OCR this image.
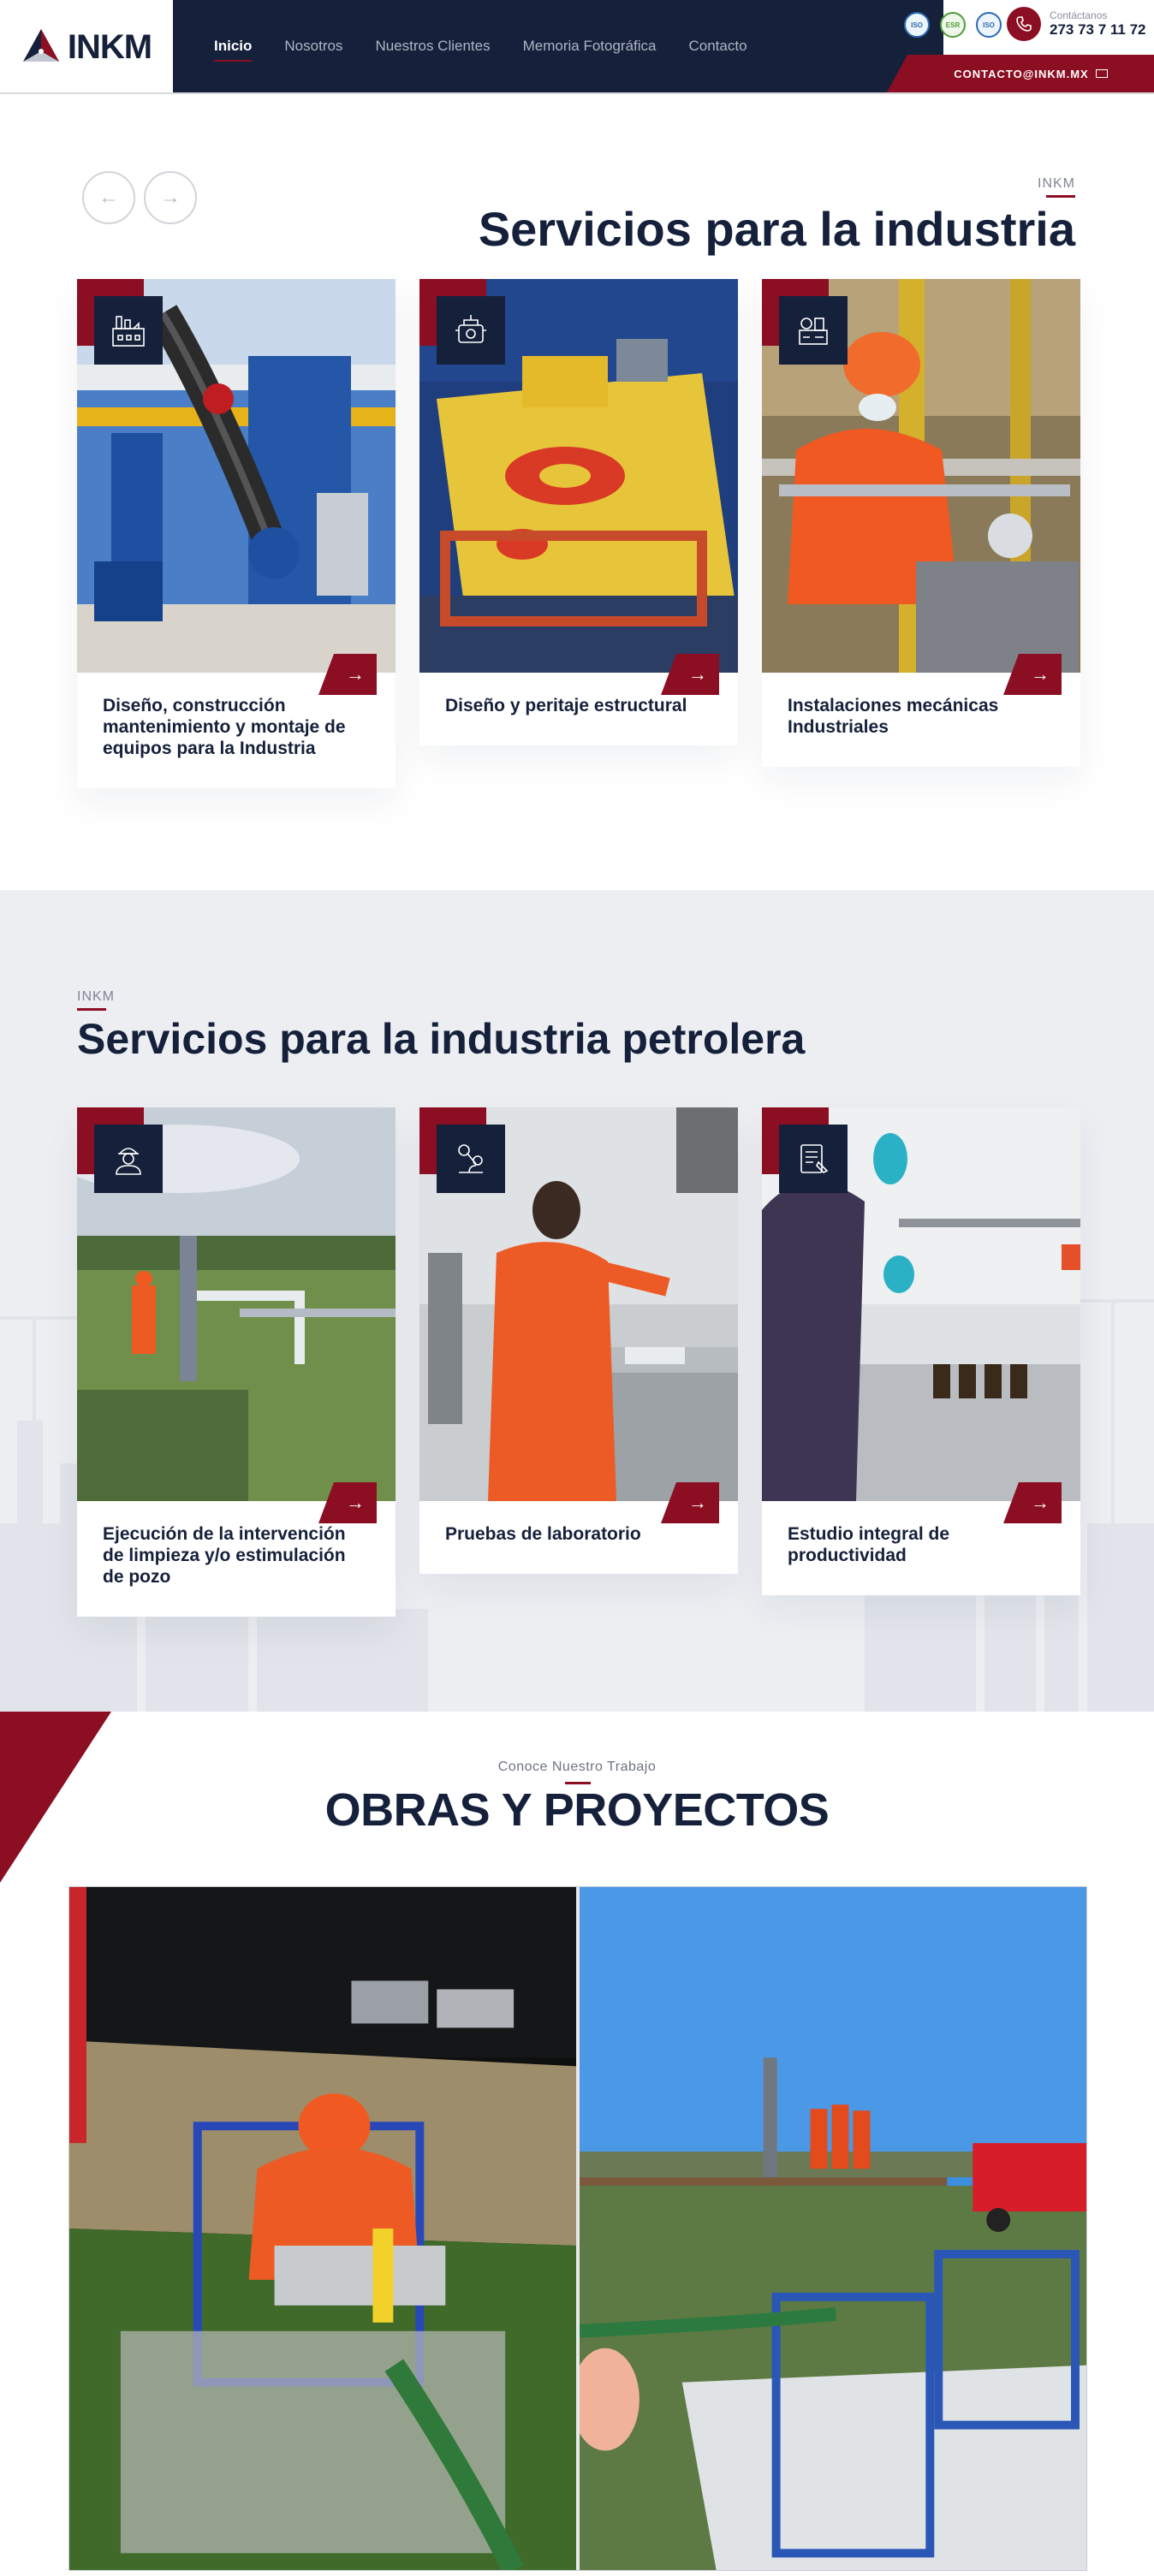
INKM	Inicio Nosotros Nuestros Clientes Memoria Fotográfica Contacto
ISO	ESR	ISO
Contáctanos
273 73 7 11 72
CONTACTO@INKM.MX
←	→
INKM
Servicios para la industria
→
Diseño, construcción mantenimiento y montaje de equipos para la Industria
→
Diseño y peritaje estructural
→
Instalaciones mecánicas Industriales
INKM
Servicios para la industria petrolera
→
Ejecución de la intervención de limpieza y/o estimulación de pozo
→
Pruebas de laboratorio
→
Estudio integral de productividad
Conoce Nuestro Trabajo
OBRAS Y PROYECTOS
